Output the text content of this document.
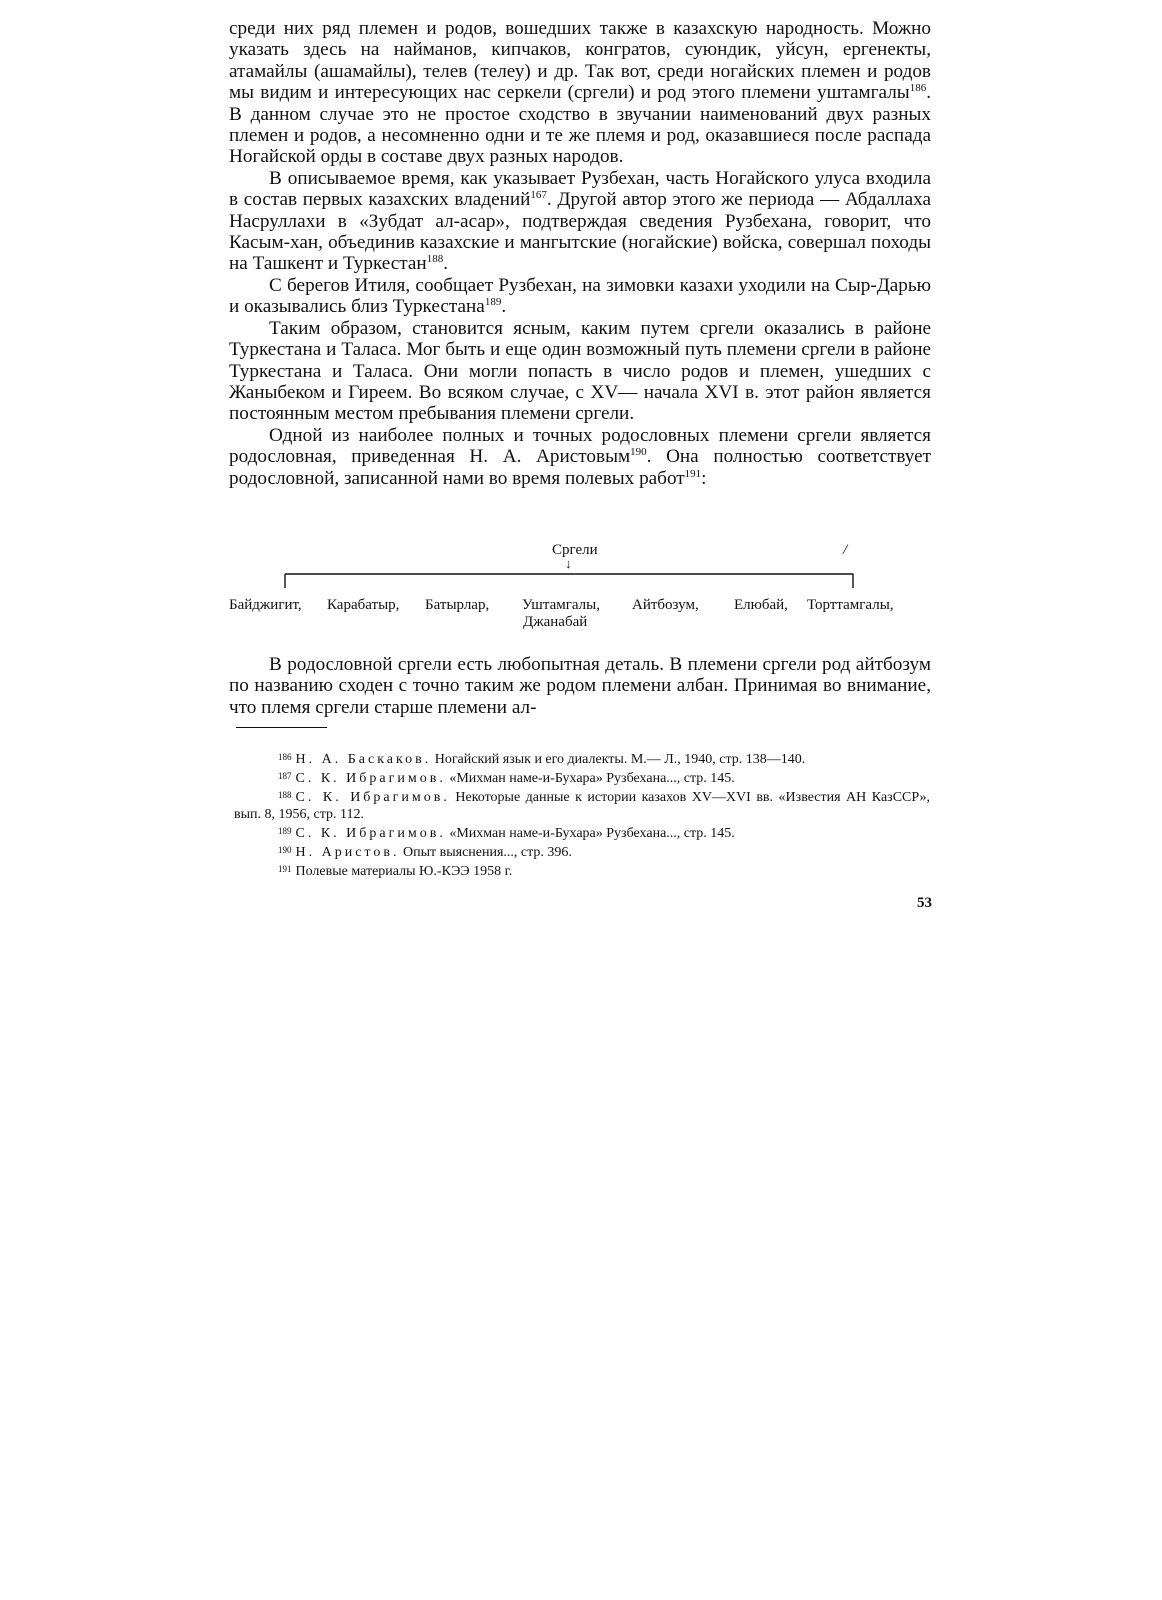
среди них ряд племен и родов, вошедших также в казахскую народность. Можно указать здесь на найманов, кипчаков, конгратов, суюндик, уйсун, ергенекты, атамайлы (ашамайлы), телев (телеу) и др. Так вот, среди ногайских племен и родов мы видим и интересующих нас серкели (сргели) и род этого племени уштамгалы$^{186}$. В данном случае это не простое сходство в звучании наименований двух разных племен и родов, а несомненно одни и те же племя и род, оказавшиеся после распада Ногайской орды в составе двух разных народов.

В описываемое время, как указывает Рузбехан, часть Ногайского улуса входила в состав первых казахских владений$^{167}$. Другой автор этого же периода — Абдаллаха Насруллахи в «Зубдат ал-асар», подтверждая сведения Рузбехана, говорит, что Касым-хан, объединив казахские и мангытские (ногайские) войска, совершал походы на Ташкент и Туркестан$^{188}$.

С берегов Итиля, сообщает Рузбехан, на зимовки казахи уходили на Сыр-Дарью и оказывались близ Туркестана$^{189}$.

Таким образом, становится ясным, каким путем сргели оказались в районе Туркестана и Таласа. Мог быть и еще один возможный путь племени сргели в районе Туркестана и Таласа. Они могли попасть в число родов и племен, ушедших с Жаныбеком и Гиреем. Во всяком случае, с XV— начала XVI в. этот район является постоянным местом пребывания племени сргели.

Одной из наиболее полных и точных родословных племени сргели является родословная, приведенная Н. А. Аристовым$^{190}$. Она полностью соответствует родословной, записанной нами во время полевых работ$^{191}$:

Сргели
↓
/
Байджигит, Карабатыр, Батырлар, Уштамгалы, Айтбозум, Елюбай, Торттамгалы,
Джанабай

В родословной сргели есть любопытная деталь. В племени сргели род айтбозум по названию сходен с точно таким же родом племени албан. Принимая во внимание, что племя сргели старше племени ал-

$^{186}$ Н. А. Баскаков. Ногайский язык и его диалекты. М.— Л., 1940, стр. 138—140.

$^{187}$ С. К. Ибрагимов. «Михман наме-и-Бухара» Рузбехана..., стр. 145.

$^{188}$ С. К. Ибрагимов. Некоторые данные к истории казахов XV—XVI вв. «Известия АН КазССР», вып. 8, 1956, стр. 112.

$^{189}$ С. К. Ибрагимов. «Михман наме-и-Бухара» Рузбехана..., стр. 145.

$^{190}$ Н. Аристов. Опыт выяснения..., стр. 396.

$^{191}$ Полевые материалы Ю.-КЭЭ 1958 г.

53
